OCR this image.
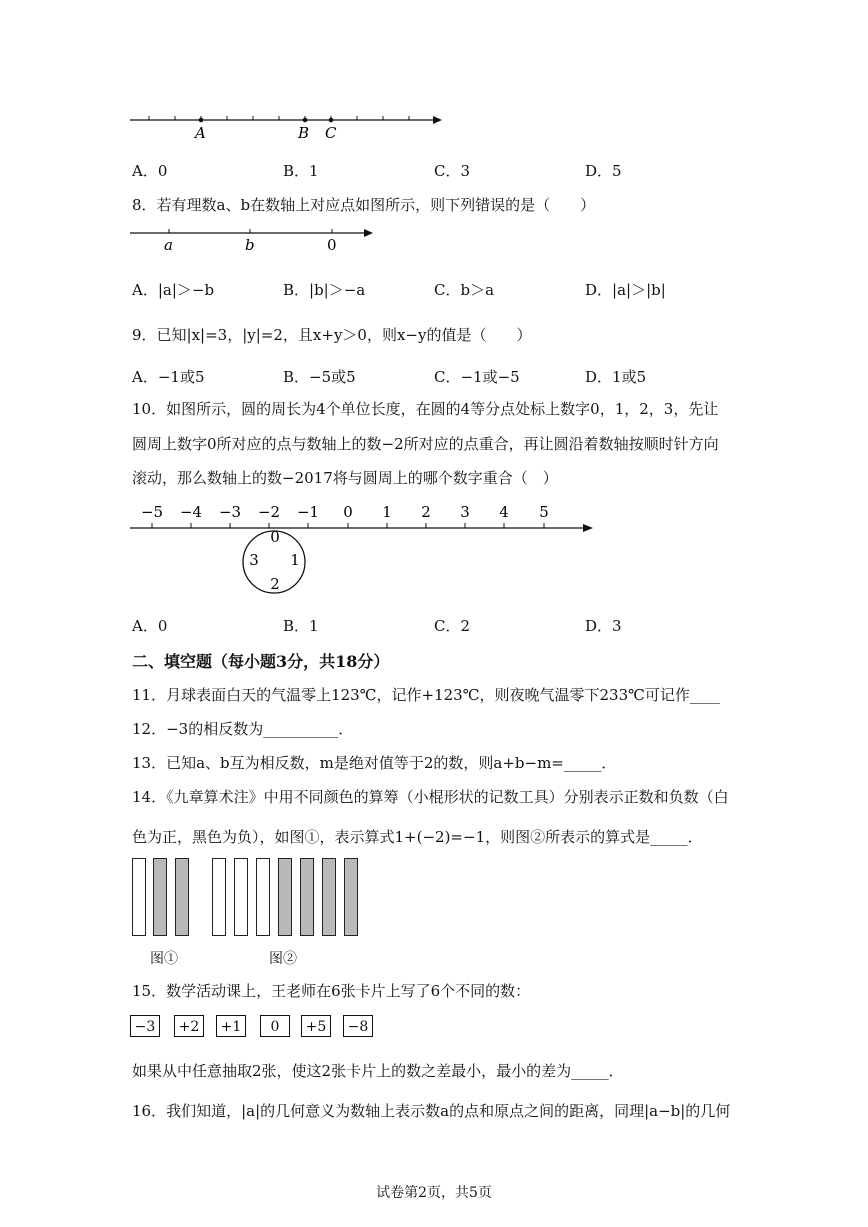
A	B C
A．0	B．1	C．3	D．5
8．若有理数a、b在数轴上对应点如图所示，则下列错误的是（　　）
a	b	0
A．|a|＞−b	B．|b|＞−a	C．b＞a	D．|a|＞|b|
9．已知|x|=3，|y|=2，且x+y＞0，则x−y的值是（　　）
A．−1或5	B．−5或5	C．−1或−5	D．1或5
10．如图所示，圆的周长为4个单位长度，在圆的4等分点处标上数字0，1，2，3，先让
圆周上数字0所对应的点与数轴上的数−2所对应的点重合，再让圆沿着数轴按顺时针方向
滚动，那么数轴上的数−2017将与圆周上的哪个数字重合（　）
−5 −4 −3 −2 −1 0 1 2 3 4 5
0
1
2
3
A．0	B．1	C．2	D．3
二、填空题（每小题3分，共18分）
11．月球表面白天的气温零上123℃，记作+123℃，则夜晚气温零下233℃可记作____
12．−3的相反数为__________．
13．已知a、b互为相反数，m是绝对值等于2的数，则a+b−m=_____．
14．《九章算术注》中用不同颜色的算筹（小棍形状的记数工具）分别表示正数和负数（白
色为正，黑色为负），如图①，表示算式1+(−2)=−1，则图②所表示的算式是_____．
图①	图②
15．数学活动课上，王老师在6张卡片上写了6个不同的数：
−3	+2	+1	0	+5	−8
如果从中任意抽取2张，使这2张卡片上的数之差最小，最小的差为_____．
16．我们知道，|a|的几何意义为数轴上表示数a的点和原点之间的距离，同理|a−b|的几何
试卷第2页，共5页
